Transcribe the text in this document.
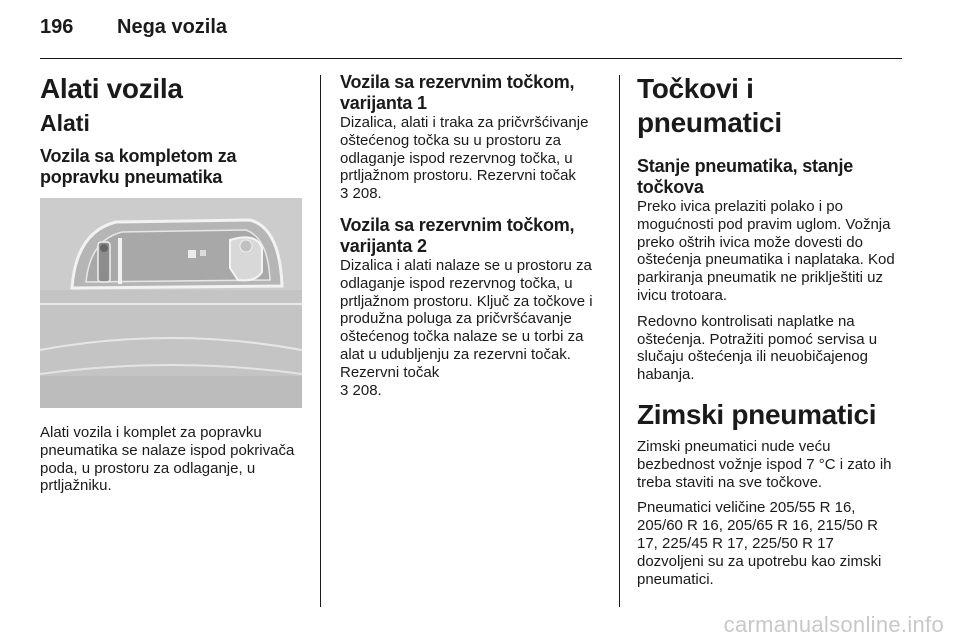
196 Nega vozila
Alati vozila
Alati
Vozila sa kompletom za popravku pneumatika

Alati vozila i komplet za popravku pneumatika se nalaze ispod pokrivača poda, u prostoru za odlaganje, u prtljažniku.

Vozila sa rezervnim točkom, varijanta 1

Dizalica, alati i traka za pričvršćivanje oštećenog točka su u prostoru za odlaganje ispod rezervnog točka, u prtljažnom prostoru. Rezervni točak
3 208.

Vozila sa rezervnim točkom, varijanta 2

Dizalica i alati nalaze se u prostoru za odlaganje ispod rezervnog točka, u prtljažnom prostoru. Ključ za točkove i produžna poluga za pričvršćavanje oštećenog točka nalaze se u torbi za alat u udubljenju za rezervni točak. Rezervni točak
3 208.

Točkovi i pneumatici
Stanje pneumatika, stanje točkova

Preko ivica prelaziti polako i po mogućnosti pod pravim uglom. Vožnja preko oštrih ivica može dovesti do oštećenja pneumatika i naplataka. Kod parkiranja pneumatik ne priklještiti uz ivicu trotoara.

Redovno kontrolisati naplatke na oštećenja. Potražiti pomoć servisa u slučaju oštećenja ili neuobičajenog habanja.

Zimski pneumatici

Zimski pneumatici nude veću bezbednost vožnje ispod 7 °C i zato ih treba staviti na sve točkove.

Pneumatici veličine 205/55 R 16, 205/60 R 16, 205/65 R 16, 215/50 R 17, 225/45 R 17, 225/50 R 17 dozvoljeni su za upotrebu kao zimski pneumatici.

carmanualsonline.info
